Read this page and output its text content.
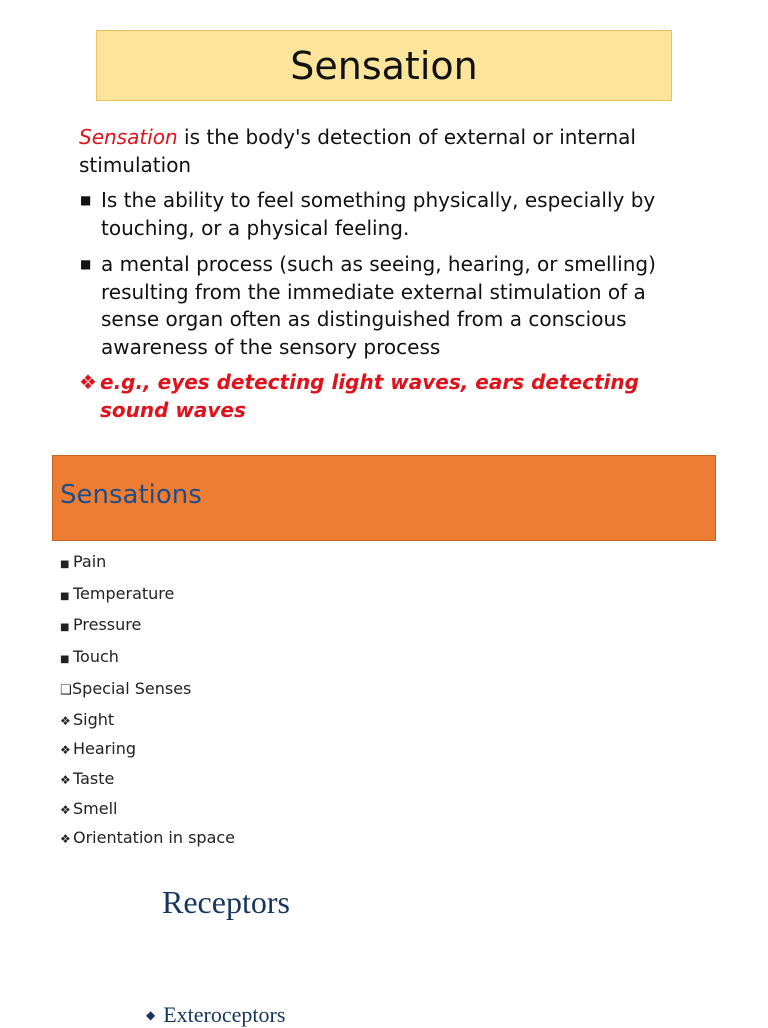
Sensation
Sensation is the body's detection of external or internal stimulation
■ Is the ability to feel something physically, especially by touching, or a physical feeling.
■ a mental process (such as seeing, hearing, or smelling) resulting from the immediate external stimulation of a sense organ often as distinguished from a conscious awareness of the sensory process
❖ e.g., eyes detecting light waves, ears detecting sound waves
Sensations
■ Pain
■ Temperature
■ Pressure
■ Touch
❑Special Senses
❖ Sight
❖ Hearing
❖ Taste
❖ Smell
❖ Orientation in space
Receptors
◆ Exteroceptors
